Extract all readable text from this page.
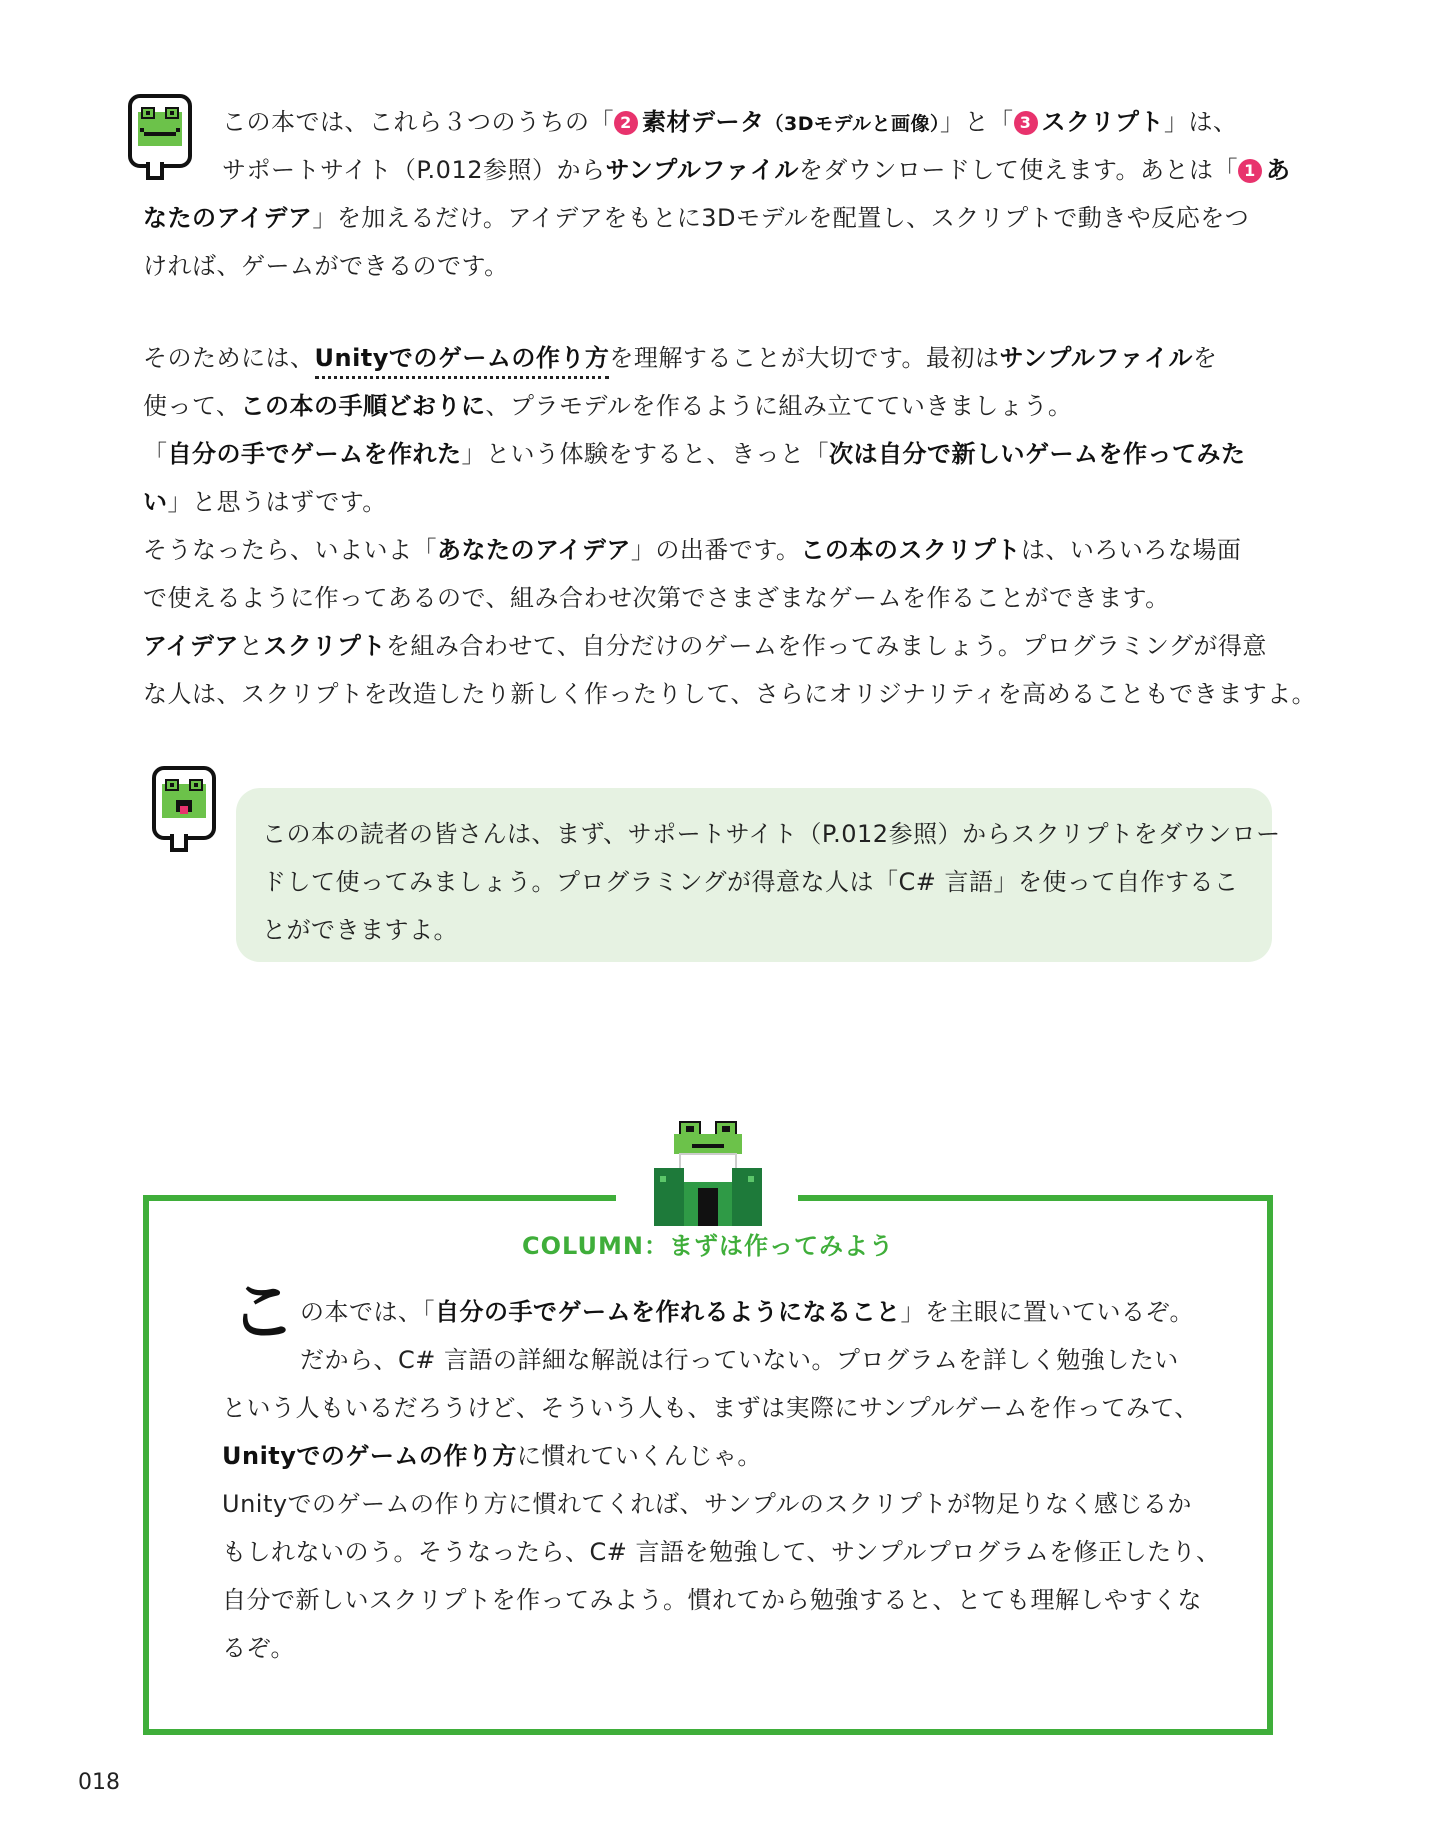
この本では、これら３つのうちの「 2 素材データ（3Dモデルと画像）」と「 3 スクリプト」は、
サポートサイト（P.012参照）からサンプルファイルをダウンロードして使えます。あとは「 1 あ
なたのアイデア」を加えるだけ。アイデアをもとに3Dモデルを配置し、スクリプトで動きや反応をつ
ければ、ゲームができるのです。
そのためには、Unityでのゲームの作り方を理解することが大切です。最初はサンプルファイルを
使って、この本の手順どおりに、プラモデルを作るように組み立てていきましょう。
「自分の手でゲームを作れた」という体験をすると、きっと「次は自分で新しいゲームを作ってみた
い」と思うはずです。
そうなったら、いよいよ「あなたのアイデア」の出番です。この本のスクリプトは、いろいろな場面
で使えるように作ってあるので、組み合わせ次第でさまざまなゲームを作ることができます。
アイデアとスクリプトを組み合わせて、自分だけのゲームを作ってみましょう。プログラミングが得意
な人は、スクリプトを改造したり新しく作ったりして、さらにオリジナリティを高めることもできますよ。
この本の読者の皆さんは、まず、サポートサイト（P.012参照）からスクリプトをダウンロー
ドして使ってみましょう。プログラミングが得意な人は「C# 言語」を使って自作するこ
とができますよ。
COLUMN：まずは作ってみよう
こ の本では、「自分の手でゲームを作れるようになること」を主眼に置いているぞ。
だから、C# 言語の詳細な解説は行っていない。プログラムを詳しく勉強したい
という人もいるだろうけど、そういう人も、まずは実際にサンプルゲームを作ってみて、
Unityでのゲームの作り方に慣れていくんじゃ。
Unityでのゲームの作り方に慣れてくれば、サンプルのスクリプトが物足りなく感じるか
もしれないのう。そうなったら、C# 言語を勉強して、サンプルプログラムを修正したり、
自分で新しいスクリプトを作ってみよう。慣れてから勉強すると、とても理解しやすくな
るぞ。
018
